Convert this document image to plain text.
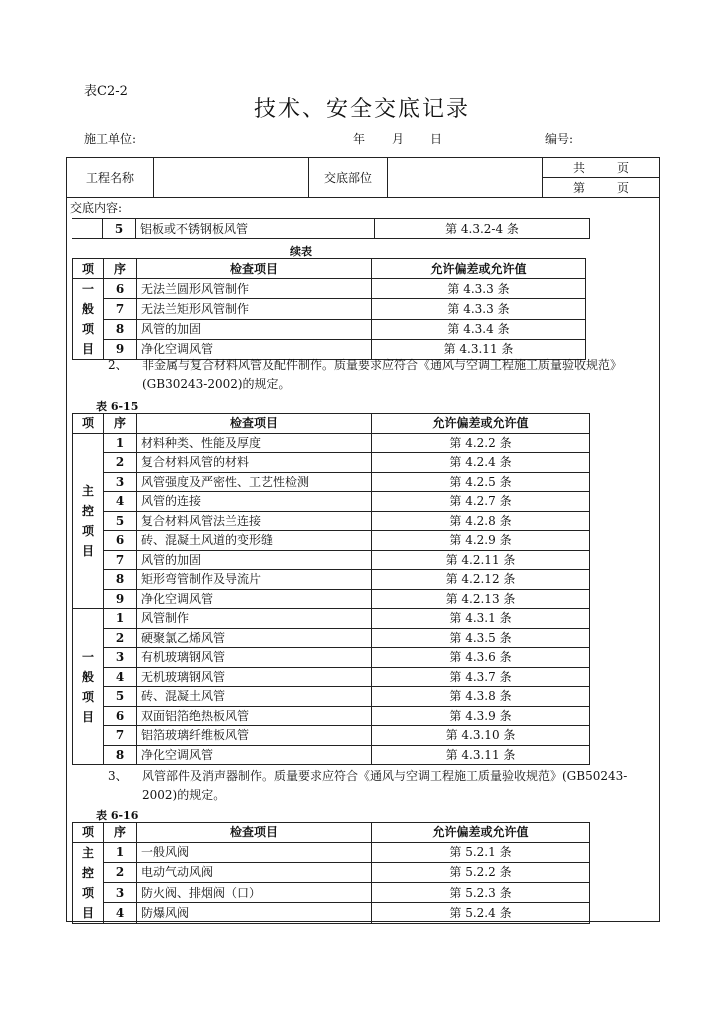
表C2-2
技术、安全交底记录
施工单位:	年 月 日	编号:
工程名称		交底部位		共	页

第	页
交底内容:
	5	铝板或不锈钢板风管	第 4.3.2-4 条
续表
项	序	检查项目	允许偏差或允许值

一
般
项
目	6	无法兰圆形风管制作	第 4.3.3 条
	7	无法兰矩形风管制作	第 4.3.3 条
	8	风管的加固	第 4.3.4 条
	9	净化空调风管	第 4.3.11 条
2、 非金属与复合材料风管及配件制作。质量要求应符合《通风与空调工程施工质量验收规范》
(GB30243-2002)的规定。
表 6-15
项	序	检查项目	允许偏差或允许值

主
控
项
目	1	材料种类、性能及厚度	第 4.2.2 条
	2	复合材料风管的材料	第 4.2.4 条
	3	风管强度及严密性、工艺性检测	第 4.2.5 条
	4	风管的连接	第 4.2.7 条
	5	复合材料风管法兰连接	第 4.2.8 条
	6	砖、混凝土风道的变形缝	第 4.2.9 条
	7	风管的加固	第 4.2.11 条
	8	矩形弯管制作及导流片	第 4.2.12 条
	9	净化空调风管	第 4.2.13 条

一
般
项
目	1	风管制作	第 4.3.1 条
	2	硬聚氯乙烯风管	第 4.3.5 条
	3	有机玻璃钢风管	第 4.3.6 条
	4	无机玻璃钢风管	第 4.3.7 条
	5	砖、混凝土风管	第 4.3.8 条
	6	双面铝箔绝热板风管	第 4.3.9 条
	7	铝箔玻璃纤维板风管	第 4.3.10 条
	8	净化空调风管	第 4.3.11 条
3、 风管部件及消声器制作。质量要求应符合《通风与空调工程施工质量验收规范》(GB50243-
2002)的规定。
表 6-16
项	序	检查项目	允许偏差或允许值

主
控
项
目	1	一般风阀	第 5.2.1 条
	2	电动气动风阀	第 5.2.2 条
	3	防火阀、排烟阀（口）	第 5.2.3 条
	4	防爆风阀	第 5.2.4 条
